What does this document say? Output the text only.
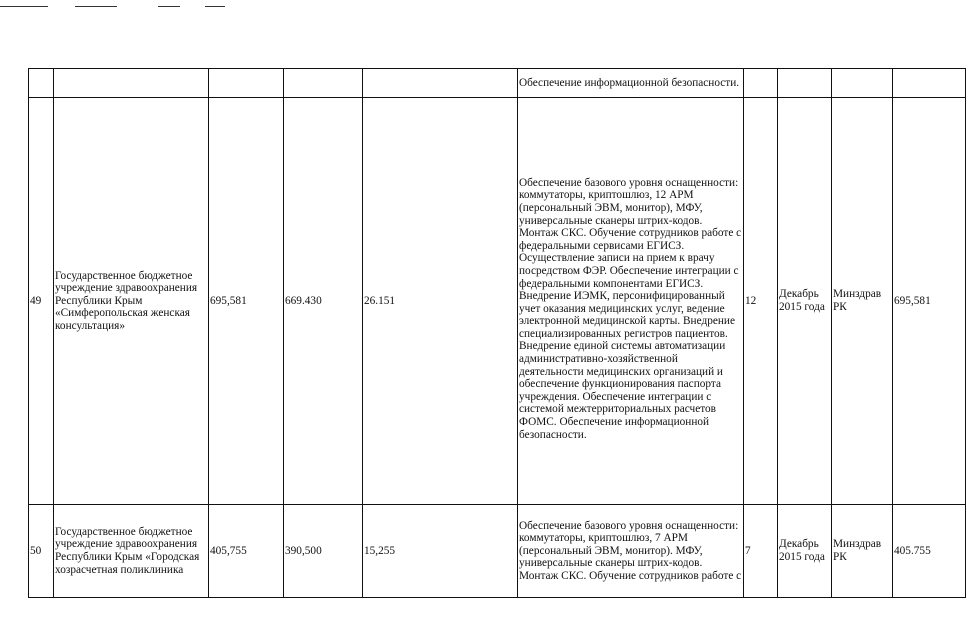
					Обеспечение информационной безопасности.				
49	Государственное бюджетное учреждение здравоохранения Республики Крым «Симферопольская женская консультация»	695,581	669.430	26.151	Обеспечение базового уровня оснащенности: коммутаторы, криптошлюз, 12 АРМ (персональный ЭВМ, монитор), МФУ, универсальные сканеры штрих-кодов. Монтаж СКС. Обучение сотрудников работе с федеральными сервисами ЕГИСЗ. Осуществление записи на прием к врачу посредством ФЭР. Обеспечение интеграции с федеральными компонентами ЕГИСЗ. Внедрение ИЭМК, персонифицированный учет оказания медицинских услуг, ведение электронной медицинской карты. Внедрение специализированных регистров пациентов. Внедрение единой системы автоматизации административно-хозяйственной деятельности медицинских организаций и обеспечение функционирования паспорта учреждения. Обеспечение интеграции с системой межтерриториальных расчетов ФОМС. Обеспечение информационной безопасности.	12	Декабрь 2015 года	Минздрав РК	695,581
50	Государственное бюджетное учреждение здравоохранения Республики Крым «Городская хозрасчетная поликлиника	405,755	390,500	15,255	Обеспечение базового уровня оснащенности: коммутаторы, криптошлюз, 7 АРМ (персональный ЭВМ, монитор). МФУ, универсальные сканеры штрих-кодов. Монтаж СКС. Обучение сотрудников работе с	7	Декабрь 2015 года	Минздрав РК	405.755
